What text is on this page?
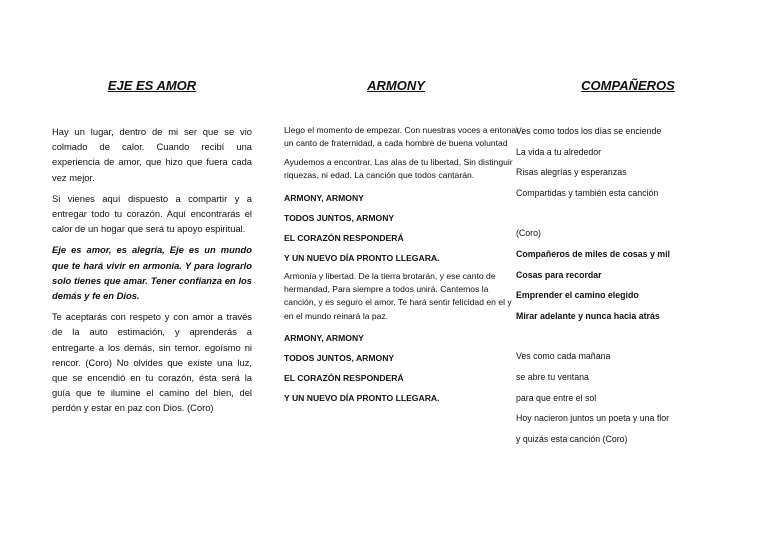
EJE ES AMOR	ARMONY	COMPAÑEROS

Hay un lugar, dentro de mi ser que se vio colmado de calor. Cuando recibí una experiencia de amor, que hizo que fuera cada vez mejor.

Si vienes aquí dispuesto a compartir y a entregar todo tu corazón. Aquí encontrarás el calor de un hogar que será tu apoyo espiritual.

Eje es amor, es alegría, Eje es un mundo que te hará vivir en armonía. Y para lograrlo solo tienes que amar. Tener confianza en los demás y fe en Dios.

Te aceptarás con respeto y con amor a través de la auto estimación, y aprenderás a entregarte a los demás, sin temor. egoísmo ni rencor. (Coro) No olvides que existe una luz, que se encendió en tu corazón, ésta será la guía que te ilumine el camino del bien, del perdón y estar en paz con Dios. (Coro)

Llego el momento de empezar. Con nuestras voces a entonar un canto de fraternidad, a cada hombre de buena voluntad

Ayudemos a encontrar, Las alas de tu libertad, Sin distinguir riquezas, ni edad. La canción que todos cantarán.

ARMONY, ARMONY

TODOS JUNTOS, ARMONY

EL CORAZÓN RESPONDERÁ

Y UN NUEVO DÍA PRONTO LLEGARA.

Armonía y libertad. De la tierra brotarán, y ese canto de hermandad, Para siempre a todos unirá. Cantemos la canción, y es seguro el amor. Te hará sentir felicidad en el y en el mundo reinará la paz.

ARMONY, ARMONY

TODOS JUNTOS, ARMONY

EL CORAZÓN RESPONDERÁ

Y UN NUEVO DÍA PRONTO LLEGARA.

Ves como todos los días se enciende
La vida a tu alrededor
Risas alegrías y esperanzas
Compartidas y también esta canción
(Coro)
Compañeros de miles de cosas y mil
Cosas para recordar
Emprender el camino elegido
Mirar adelante y nunca hacia atrás
Ves como cada mañana
se abre tu ventana
para que entre el sol
Hoy nacieron juntos un poeta y una flor
y quizás esta canción (Coro)
